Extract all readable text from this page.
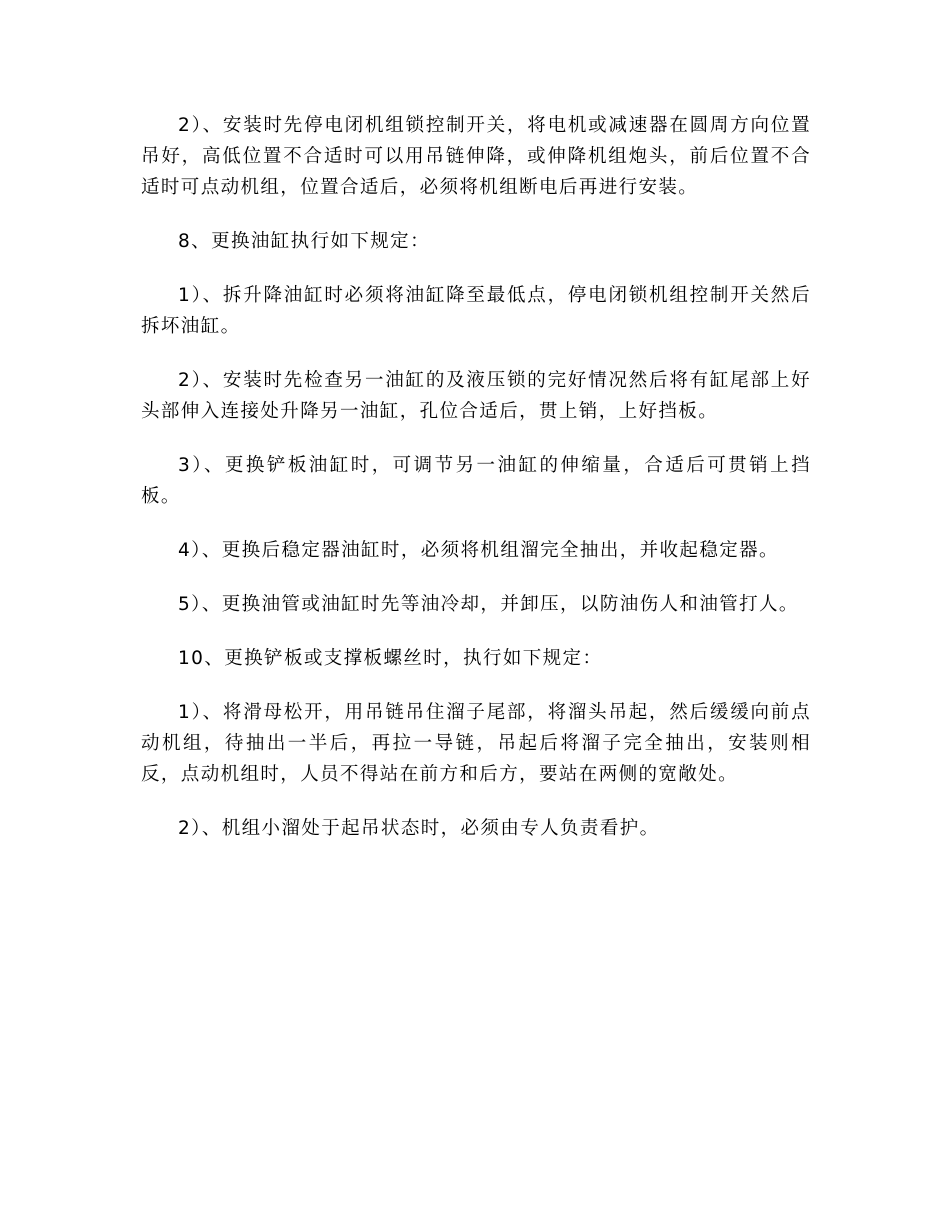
2）、安装时先停电闭机组锁控制开关，将电机或减速器在圆周方向位置吊好，高低位置不合适时可以用吊链伸降，或伸降机组炮头，前后位置不合适时可点动机组，位置合适后，必须将机组断电后再进行安装。

8、更换油缸执行如下规定：

1）、拆升降油缸时必须将油缸降至最低点，停电闭锁机组控制开关然后拆坏油缸。

2）、安装时先检查另一油缸的及液压锁的完好情况然后将有缸尾部上好头部伸入连接处升降另一油缸，孔位合适后，贯上销，上好挡板。

3）、更换铲板油缸时，可调节另一油缸的伸缩量，合适后可贯销上挡板。

4）、更换后稳定器油缸时，必须将机组溜完全抽出，并收起稳定器。

5）、更换油管或油缸时先等油冷却，并卸压，以防油伤人和油管打人。

10、更换铲板或支撑板螺丝时，执行如下规定：

1）、将滑母松开，用吊链吊住溜子尾部，将溜头吊起，然后缓缓向前点动机组，待抽出一半后，再拉一导链，吊起后将溜子完全抽出，安装则相反，点动机组时，人员不得站在前方和后方，要站在两侧的宽敞处。

2）、机组小溜处于起吊状态时，必须由专人负责看护。
